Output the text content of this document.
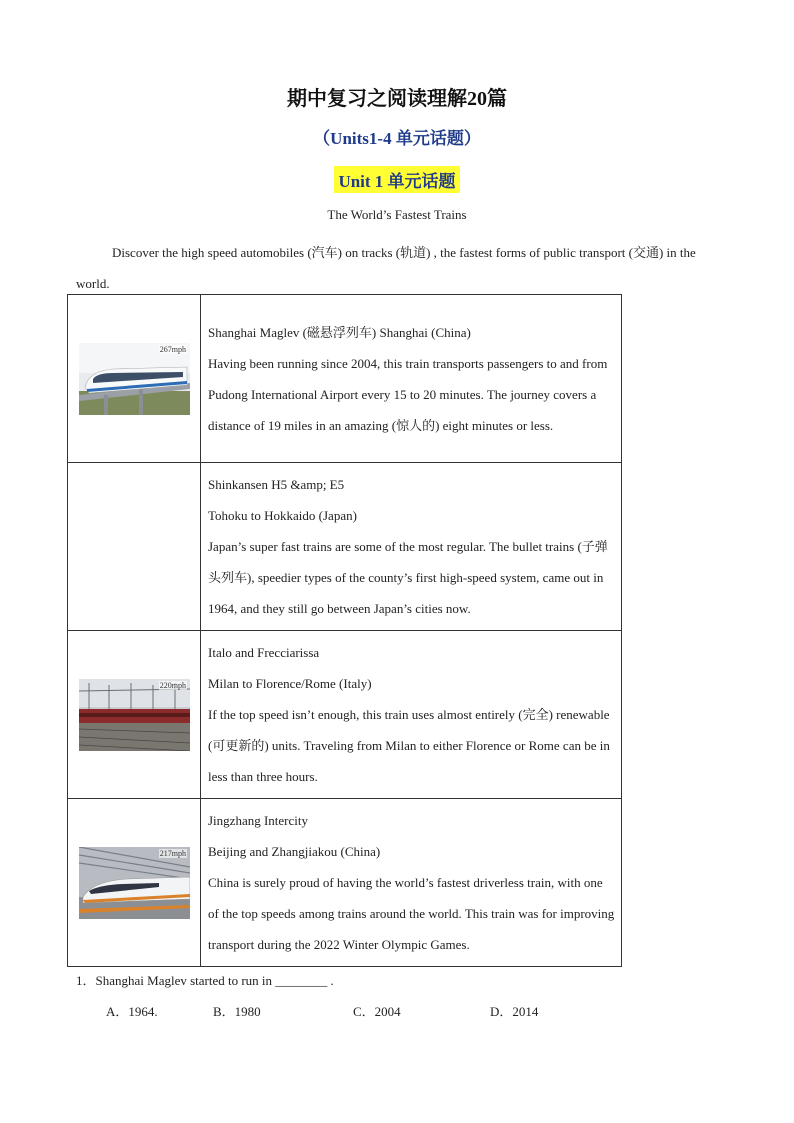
期中复习之阅读理解20篇
（Units1-4 单元话题）
Unit 1 单元话题
The World’s Fastest Trains
Discover the high speed automobiles (汽车) on tracks (轨道) , the fastest forms of public transport (交通) in the world.
267mph	Shanghai Maglev (磁悬浮列车) Shanghai (China)
Having been running since 2004, this train transports passengers to and from Pudong International Airport every 15 to 20 minutes. The journey covers a distance of 19 miles in an amazing (惊人的) eight minutes or less.

	Shinkansen H5 &amp; E5
Tohoku to Hokkaido (Japan)
Japan’s super fast trains are some of the most regular. The bullet trains (子弹头列车), speedier types of the county’s first high-speed system, came out in 1964, and they still go between Japan’s cities now.

220mph	Italo and Frecciarissa
Milan to Florence/Rome (Italy)
If the top speed isn’t enough, this train uses almost entirely (完全) renewable (可更新的) units. Traveling from Milan to either Florence or Rome can be in less than three hours.

217mph	Jingzhang Intercity
Beijing and Zhangjiakou (China)
China is surely proud of having the world’s fastest driverless train, with one of the top speeds among trains around the world. This train was for improving transport during the 2022 Winter Olympic Games.
1．Shanghai Maglev started to run in ________ .
A．1964.	B．1980	C．2004	D．2014
